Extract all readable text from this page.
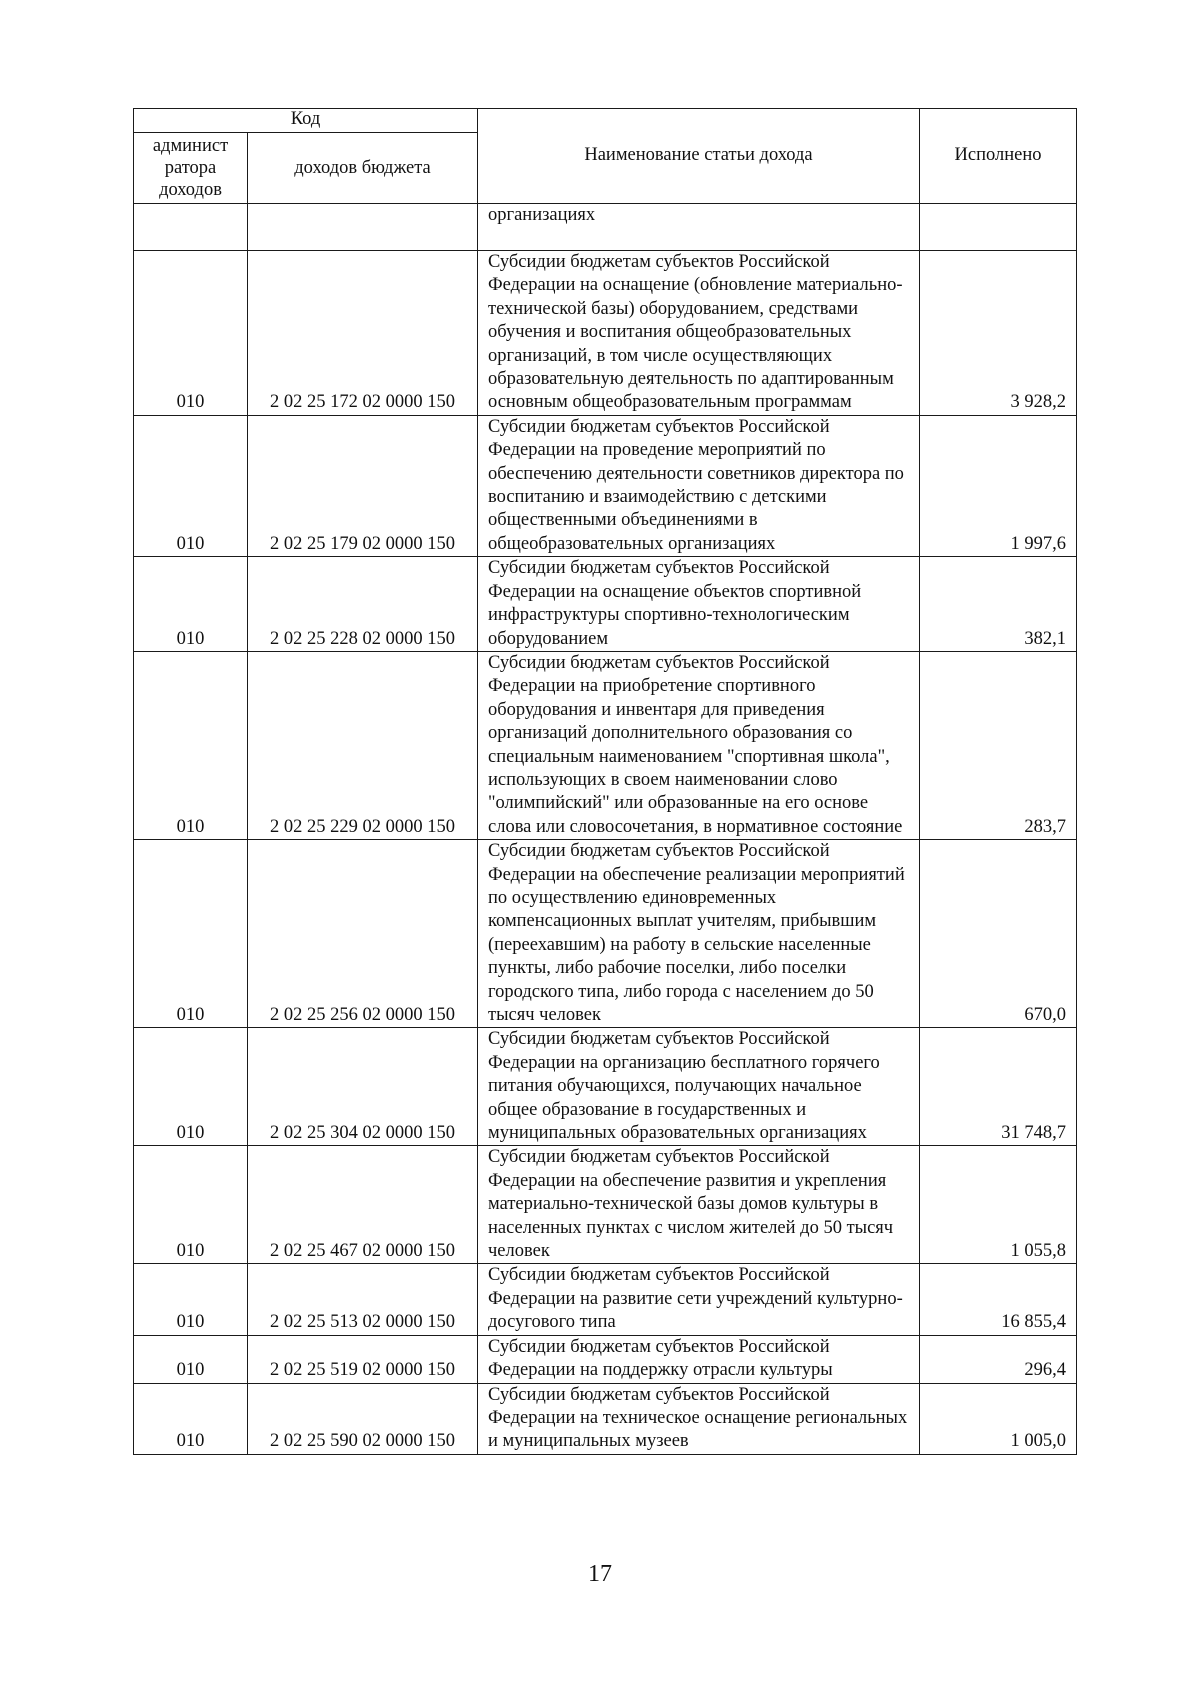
Код		Наименование статьи дохода	Исполнено
админист ратора доходов	доходов бюджета		
		организациях	
010	2 02 25 172 02 0000 150	Субсидии бюджетам субъектов Российской Федерации на оснащение (обновление материально-технической базы) оборудованием, средствами обучения и воспитания общеобразовательных организаций, в том числе осуществляющих образовательную деятельность по адаптированным основным общеобразовательным программам	3 928,2
010	2 02 25 179 02 0000 150	Субсидии бюджетам субъектов Российской Федерации на проведение мероприятий по обеспечению деятельности советников директора по воспитанию и взаимодействию с детскими общественными объединениями в общеобразовательных организациях	1 997,6
010	2 02 25 228 02 0000 150	Субсидии бюджетам субъектов Российской Федерации на оснащение объектов спортивной инфраструктуры спортивно-технологическим оборудованием	382,1
010	2 02 25 229 02 0000 150	Субсидии бюджетам субъектов Российской Федерации на приобретение спортивного оборудования и инвентаря для приведения организаций дополнительного образования со специальным наименованием "спортивная школа", использующих в своем наименовании слово "олимпийский" или образованные на его основе слова или словосочетания, в нормативное состояние	283,7
010	2 02 25 256 02 0000 150	Субсидии бюджетам субъектов Российской Федерации на обеспечение реализации мероприятий по осуществлению единовременных компенсационных выплат учителям, прибывшим (переехавшим) на работу в сельские населенные пункты, либо рабочие поселки, либо поселки городского типа, либо города с населением до 50 тысяч человек	670,0
010	2 02 25 304 02 0000 150	Субсидии бюджетам субъектов Российской Федерации на организацию бесплатного горячего питания обучающихся, получающих начальное общее образование в государственных и муниципальных образовательных организациях	31 748,7
010	2 02 25 467 02 0000 150	Субсидии бюджетам субъектов Российской Федерации на обеспечение развития и укрепления материально-технической базы домов культуры в населенных пунктах с числом жителей до 50 тысяч человек	1 055,8
010	2 02 25 513 02 0000 150	Субсидии бюджетам субъектов Российской Федерации на развитие сети учреждений культурно-досугового типа	16 855,4
010	2 02 25 519 02 0000 150	Субсидии бюджетам субъектов Российской Федерации на поддержку отрасли культуры	296,4
010	2 02 25 590 02 0000 150	Субсидии бюджетам субъектов Российской Федерации на техническое оснащение региональных и муниципальных музеев	1 005,0
17
